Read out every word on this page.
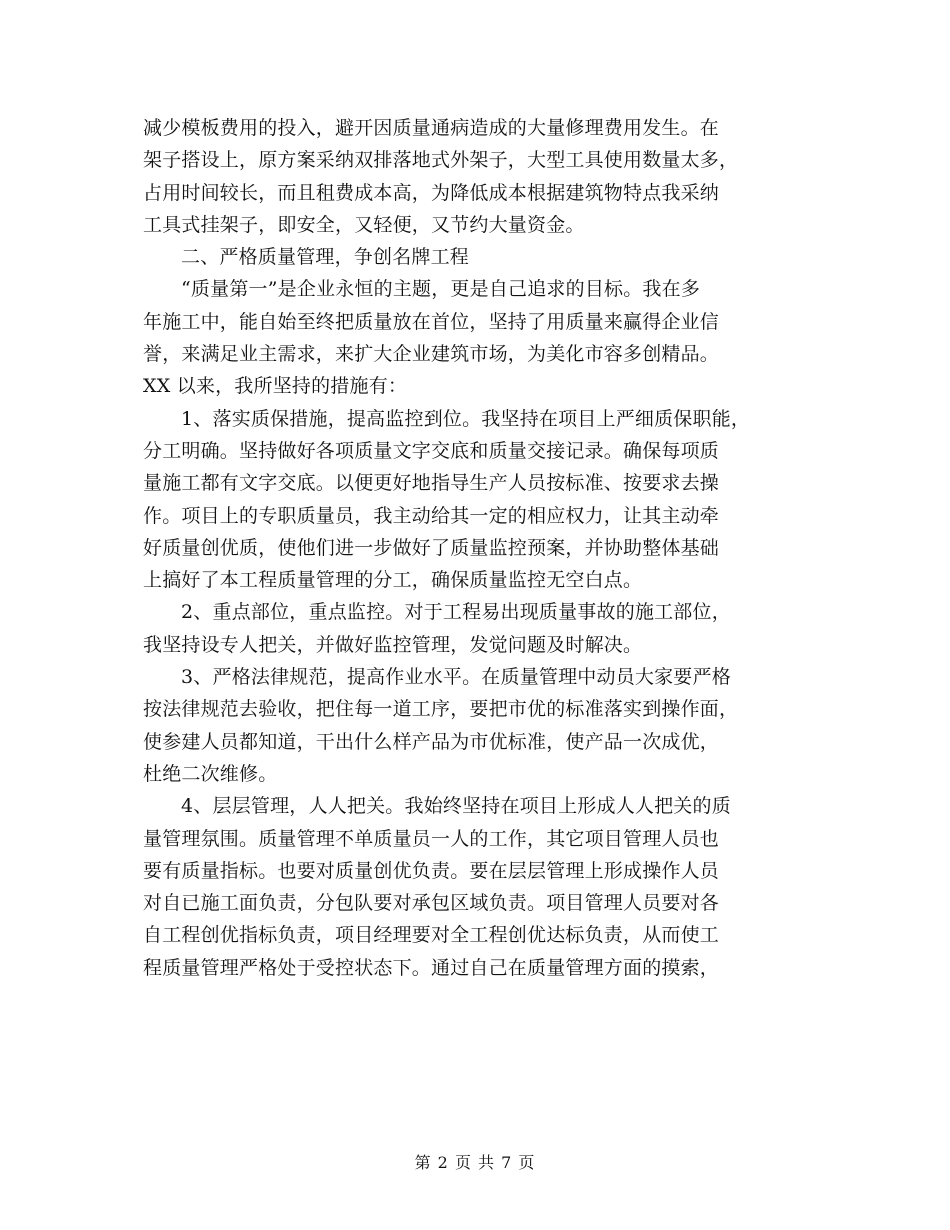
减少模板费用的投入，避开因质量通病造成的大量修理费用发生。在
架子搭设上，原方案采纳双排落地式外架子，大型工具使用数量太多，
占用时间较长，而且租费成本高，为降低成本根据建筑物特点我采纳
工具式挂架子，即安全，又轻便，又节约大量资金。
二、严格质量管理，争创名牌工程
“质量第一”是企业永恒的主题，更是自己追求的目标。我在多
年施工中，能自始至终把质量放在首位，坚持了用质量来赢得企业信
誉，来满足业主需求，来扩大企业建筑市场，为美化市容多创精品。
XX 以来，我所坚持的措施有：
1、落实质保措施，提高监控到位。我坚持在项目上严细质保职能，
分工明确。坚持做好各项质量文字交底和质量交接记录。确保每项质
量施工都有文字交底。以便更好地指导生产人员按标准、按要求去操
作。项目上的专职质量员，我主动给其一定的相应权力，让其主动牵
好质量创优质，使他们进一步做好了质量监控预案，并协助整体基础
上搞好了本工程质量管理的分工，确保质量监控无空白点。
2、重点部位，重点监控。对于工程易出现质量事故的施工部位，
我坚持设专人把关，并做好监控管理，发觉问题及时解决。
3、严格法律规范，提高作业水平。在质量管理中动员大家要严格
按法律规范去验收，把住每一道工序，要把市优的标准落实到操作面，
使参建人员都知道，干出什么样产品为市优标准，使产品一次成优，
杜绝二次维修。
4、层层管理，人人把关。我始终坚持在项目上形成人人把关的质
量管理氛围。质量管理不单质量员一人的工作，其它项目管理人员也
要有质量指标。也要对质量创优负责。要在层层管理上形成操作人员
对自已施工面负责，分包队要对承包区域负责。项目管理人员要对各
自工程创优指标负责，项目经理要对全工程创优达标负责，从而使工
程质量管理严格处于受控状态下。通过自己在质量管理方面的摸索，
第 2 页 共 7 页
